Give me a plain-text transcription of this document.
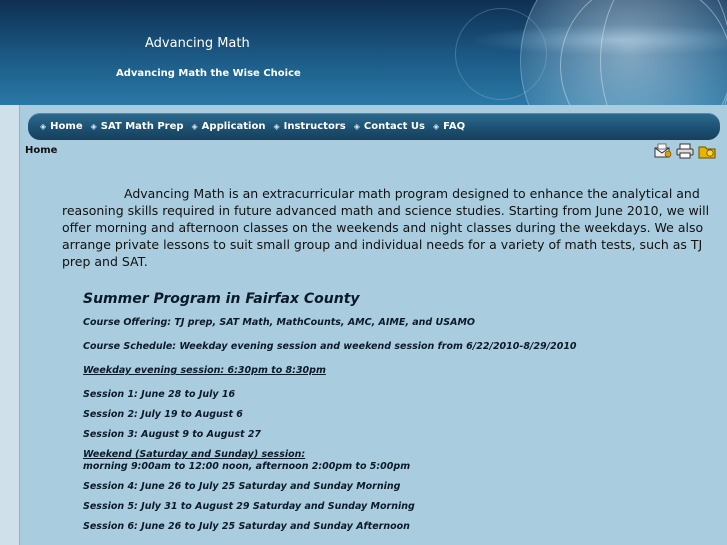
Advancing Math
Advancing Math the Wise Choice
◈ Home ◈ SAT Math Prep ◈ Application ◈ Instructors ◈ Contact Us ◈ FAQ
Home
Advancing Math is an extracurricular math program designed to enhance the analytical and reasoning skills required in future advanced math and science studies. Starting from June 2010, we will offer morning and afternoon classes on the weekends and night classes during the weekdays. We also arrange private lessons to suit small group and individual needs for a variety of math tests, such as TJ prep and SAT.
Summer Program in Fairfax County

Course Offering: TJ prep, SAT Math, MathCounts, AMC, AIME, and USAMO

Course Schedule: Weekday evening session and weekend session from 6/22/2010-8/29/2010

Weekday evening session: 6:30pm to 8:30pm

Session 1: June 28 to July 16

Session 2: July 19 to August 6

Session 3: August 9 to August 27

Weekend (Saturday and Sunday) session:

morning 9:00am to 12:00 noon, afternoon 2:00pm to 5:00pm

Session 4: June 26 to July 25 Saturday and Sunday Morning

Session 5: July 31 to August 29 Saturday and Sunday Morning

Session 6: June 26 to July 25 Saturday and Sunday Afternoon
